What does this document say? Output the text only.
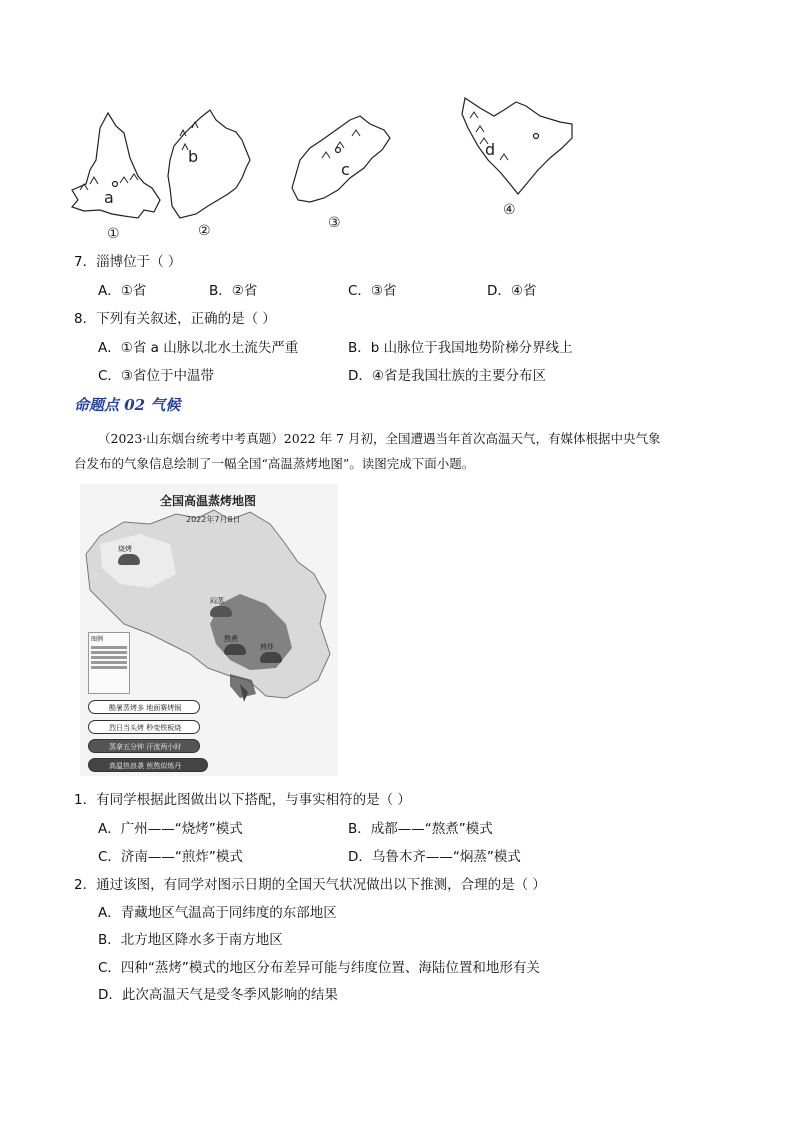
a
①
b
②
c
③
d
④
7．淄博位于（ ）
A．①省	B．②省	C．③省	D．④省
8．下列有关叙述，正确的是（ ）
A．①省 a 山脉以北水土流失严重	B．b 山脉位于我国地势阶梯分界线上
C．③省位于中温带	D．④省是我国壮族的主要分布区
命题点 02 气候
（2023·山东烟台统考中考真题）2022 年 7 月初，全国遭遇当年首次高温天气，有媒体根据中央气象
台发布的气象信息绘制了一幅全国“高温蒸烤地图”。读图完成下面小题。
全国高温蒸烤地图
2022年7月8日
烧烤
闷蒸
熬煮
煎炸
图例
酷暑蒸烤多 地面赛烤锅
烈日当头烤 秒变铁板烧
蒸拿五分钟 汗流两小时
高温热浪袭 煎熬似炼丹
1．有同学根据此图做出以下搭配，与事实相符的是（ ）
A．广州——“烧烤”模式	B．成都——“熬煮”模式
C．济南——“煎炸”模式	D．乌鲁木齐——“焖蒸”模式
2．通过该图，有同学对图示日期的全国天气状况做出以下推测，合理的是（ ）
A．青藏地区气温高于同纬度的东部地区
B．北方地区降水多于南方地区
C．四种“蒸烤”模式的地区分布差异可能与纬度位置、海陆位置和地形有关
D．此次高温天气是受冬季风影响的结果
